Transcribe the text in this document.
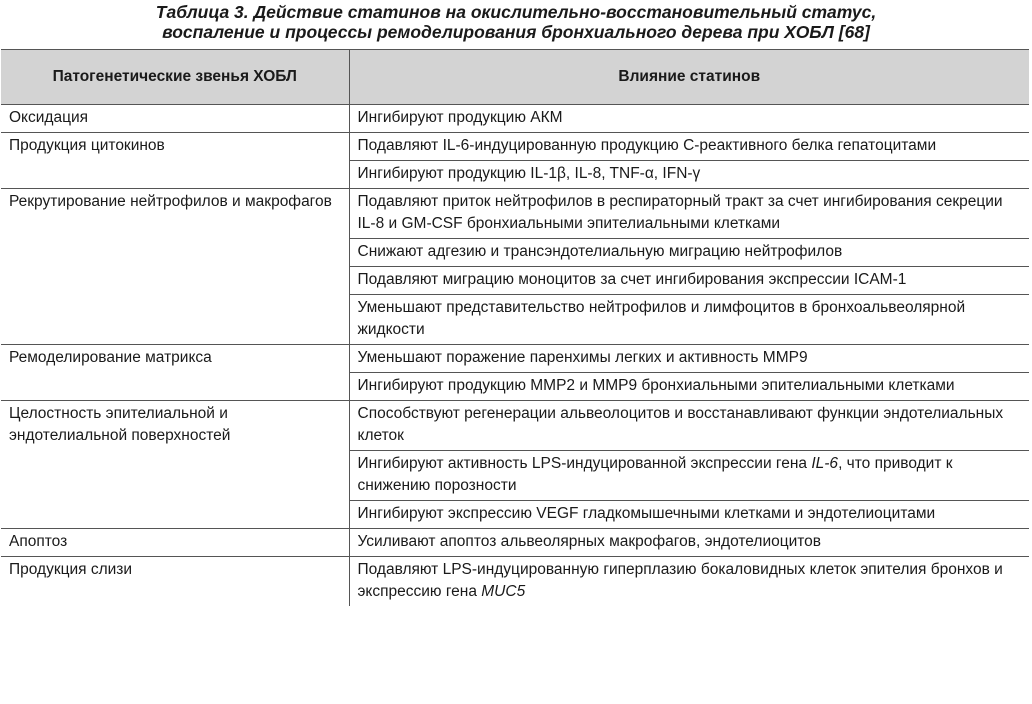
Таблица 3. Действие статинов на окислительно-восстановительный статус,
воспаление и процессы ремоделирования бронхиального дерева при ХОБЛ [68]
Патогенетические звенья ХОБЛ	Влияние статинов
Оксидация	Ингибируют продукцию АКМ
Продукция цитокинов	Подавляют IL-6-индуцированную продукцию С-реактивного белка гепатоцитами
	Ингибируют продукцию IL-1β, IL-8, TNF-α, IFN-γ
Рекрутирование нейтрофилов и макрофагов	Подавляют приток нейтрофилов в респираторный тракт за счет ингибирования секреции IL-8 и GM-CSF бронхиальными эпителиальными клетками
	Снижают адгезию и трансэндотелиальную миграцию нейтрофилов
	Подавляют миграцию моноцитов за счет ингибирования экспрессии ICAM-1
	Уменьшают представительство нейтрофилов и лимфоцитов в бронхоальвеолярной жидкости
Ремоделирование матрикса	Уменьшают поражение паренхимы легких и активность MMP9
	Ингибируют продукцию MMP2 и MMP9 бронхиальными эпителиальными клетками
Целостность эпителиальной и эндотелиальной поверхностей	Способствуют регенерации альвеолоцитов и восстанавливают функции эндотелиальных клеток
	Ингибируют активность LPS-индуцированной экспрессии гена IL-6, что приводит к снижению порозности
	Ингибируют экспрессию VEGF гладкомышечными клетками и эндотелиоцитами
Апоптоз	Усиливают апоптоз альвеолярных макрофагов, эндотелиоцитов
Продукция слизи	Подавляют LPS-индуцированную гиперплазию бокаловидных клеток эпителия бронхов и экспрессию гена MUC5
